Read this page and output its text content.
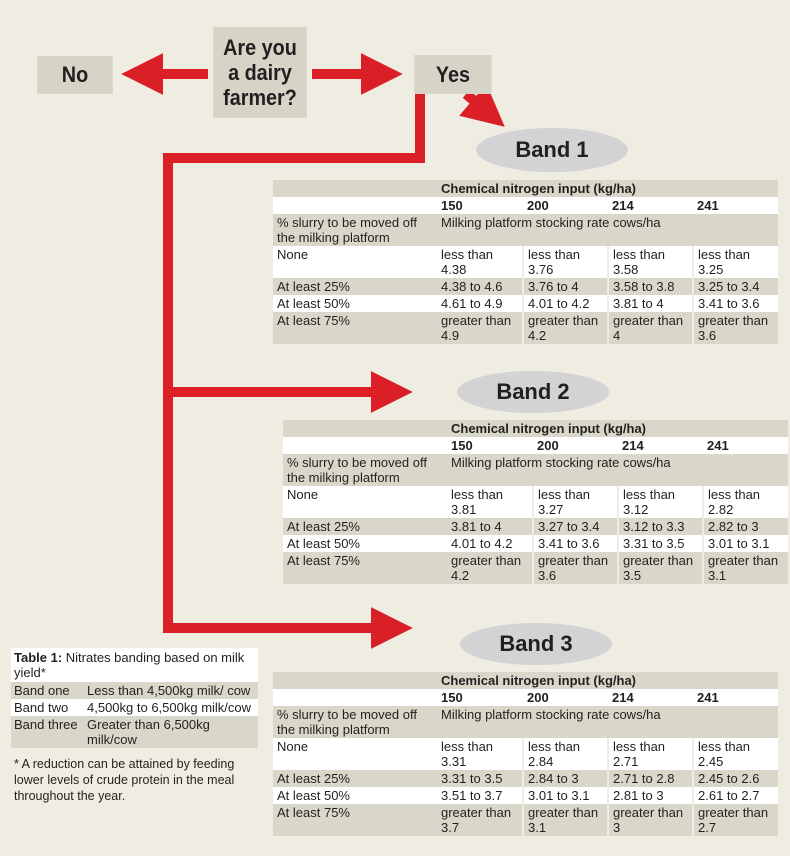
Are you
a dairy
farmer?
No	Yes
Band 1
Band 2
Band 3
	Chemical nitrogen input (kg/ha)			
	150	200	214	241
% slurry to be moved off the milking platform	Milking platform stocking rate cows/ha			
None	less than 4.38	less than 3.76	less than 3.58	less than 3.25
At least 25%	4.38 to 4.6	3.76 to 4	3.58 to 3.8	3.25 to 3.4
At least 50%	4.61 to 4.9	4.01 to 4.2	3.81 to 4	3.41 to 3.6
At least 75%	greater than 4.9	greater than 4.2	greater than 4	greater than 3.6
	Chemical nitrogen input (kg/ha)			
	150	200	214	241
% slurry to be moved off the milking platform	Milking platform stocking rate cows/ha			
None	less than 3.81	less than 3.27	less than 3.12	less than 2.82
At least 25%	3.81 to 4	3.27 to 3.4	3.12 to 3.3	2.82 to 3
At least 50%	4.01 to 4.2	3.41 to 3.6	3.31 to 3.5	3.01 to 3.1
At least 75%	greater than 4.2	greater than 3.6	greater than 3.5	greater than 3.1
	Chemical nitrogen input (kg/ha)			
	150	200	214	241
% slurry to be moved off the milking platform	Milking platform stocking rate cows/ha			
None	less than 3.31	less than 2.84	less than 2.71	less than 2.45
At least 25%	3.31 to 3.5	2.84 to 3	2.71 to 2.8	2.45 to 2.6
At least 50%	3.51 to 3.7	3.01 to 3.1	2.81 to 3	2.61 to 2.7
At least 75%	greater than 3.7	greater than 3.1	greater than 3	greater than 2.7
Table 1: Nitrates banding based on milk yield*
Band one	Less than 4,500kg milk/ cow
Band two	4,500kg to 6,500kg milk/cow
Band three	Greater than 6,500kg milk/cow
* A reduction can be attained by feeding lower levels of crude protein in the meal throughout the year.
